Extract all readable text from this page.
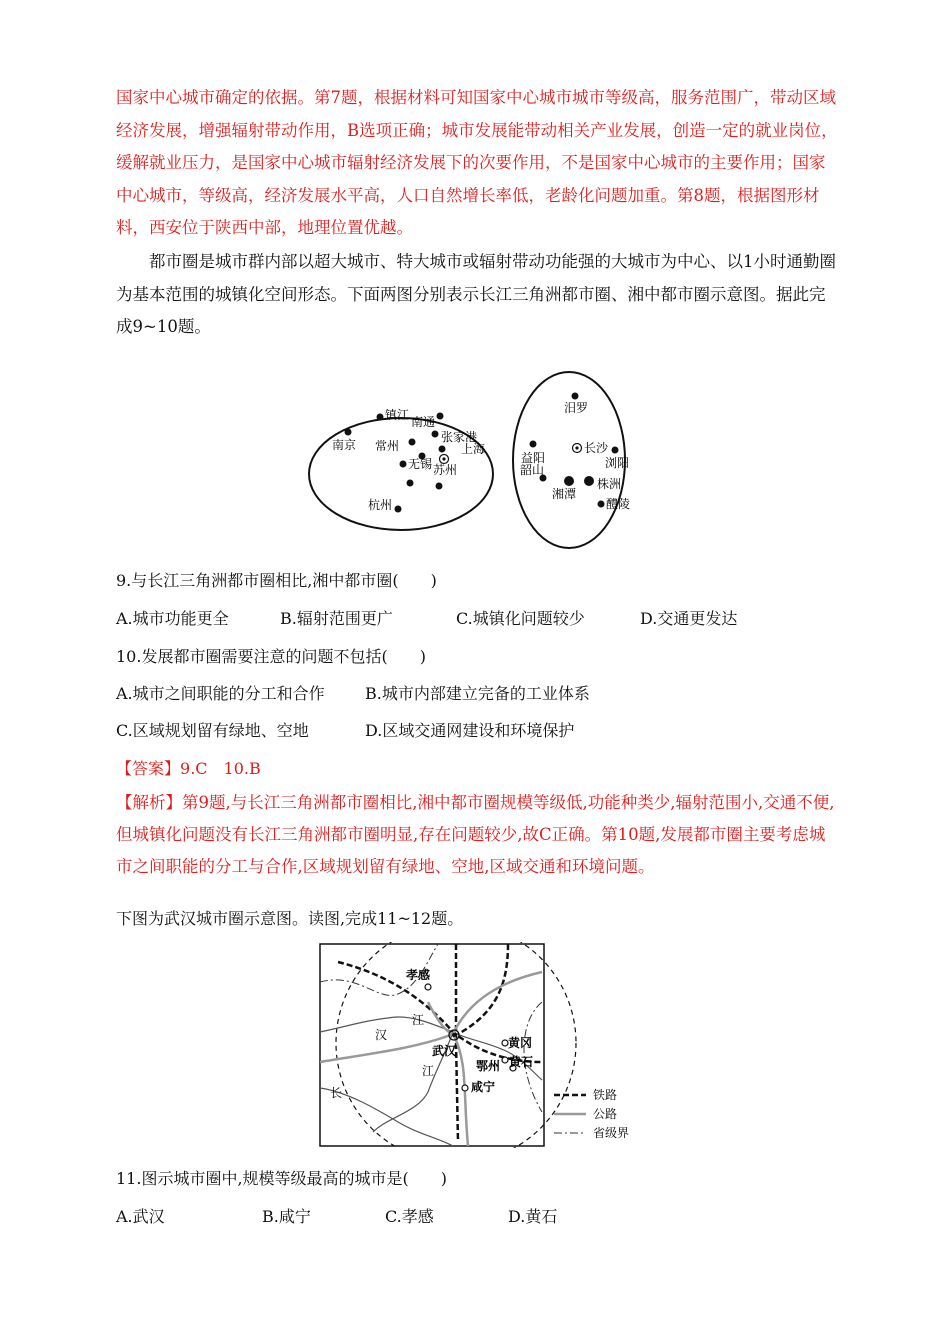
国家中心城市确定的依据。第7题，根据材料可知国家中心城市城市等级高，服务范围广，带动区域经济发展，增强辐射带动作用，B选项正确；城市发展能带动相关产业发展，创造一定的就业岗位，缓解就业压力，是国家中心城市辐射经济发展下的次要作用，不是国家中心城市的主要作用；国家中心城市，等级高，经济发展水平高，人口自然增长率低，老龄化问题加重。第8题，根据图形材料，西安位于陕西中部，地理位置优越。
都市圈是城市群内部以超大城市、特大城市或辐射带动功能强的大城市为中心、以1小时通勤圈为基本范围的城镇化空间形态。下面两图分别表示长江三角洲都市圈、湘中都市圈示意图。据此完成9~10题。
南京
镇江 南通
常州
张家港
上海
无锡 苏州
杭州
汨罗
益阳
长沙
浏阳
韶山
湘潭
株洲
醴陵
9.与长江三角洲都市圈相比,湘中都市圈(　　)
A.城市功能更全	B.辐射范围更广	C.城镇化问题较少	D.交通更发达
10.发展都市圈需要注意的问题不包括(　　)
A.城市之间职能的分工和合作	B.城市内部建立完备的工业体系
C.区域规划留有绿地、空地	D.区域交通网建设和环境保护
【答案】9.C　10.B
【解析】第9题,与长江三角洲都市圈相比,湘中都市圈规模等级低,功能种类少,辐射范围小,交通不便,但城镇化问题没有长江三角洲都市圈明显,存在问题较少,故C正确。第10题,发展都市圈主要考虑城市之间职能的分工与合作,区域规划留有绿地、空地,区域交通和环境问题。
下图为武汉城市圈示意图。读图,完成11~12题。
孝感
武汉
黄冈
鄂州 黄石
咸宁
汉
江
长
江
铁路
公路
省级界
11.图示城市圈中,规模等级最高的城市是(　　)
A.武汉	B.咸宁	C.孝感	D.黄石
